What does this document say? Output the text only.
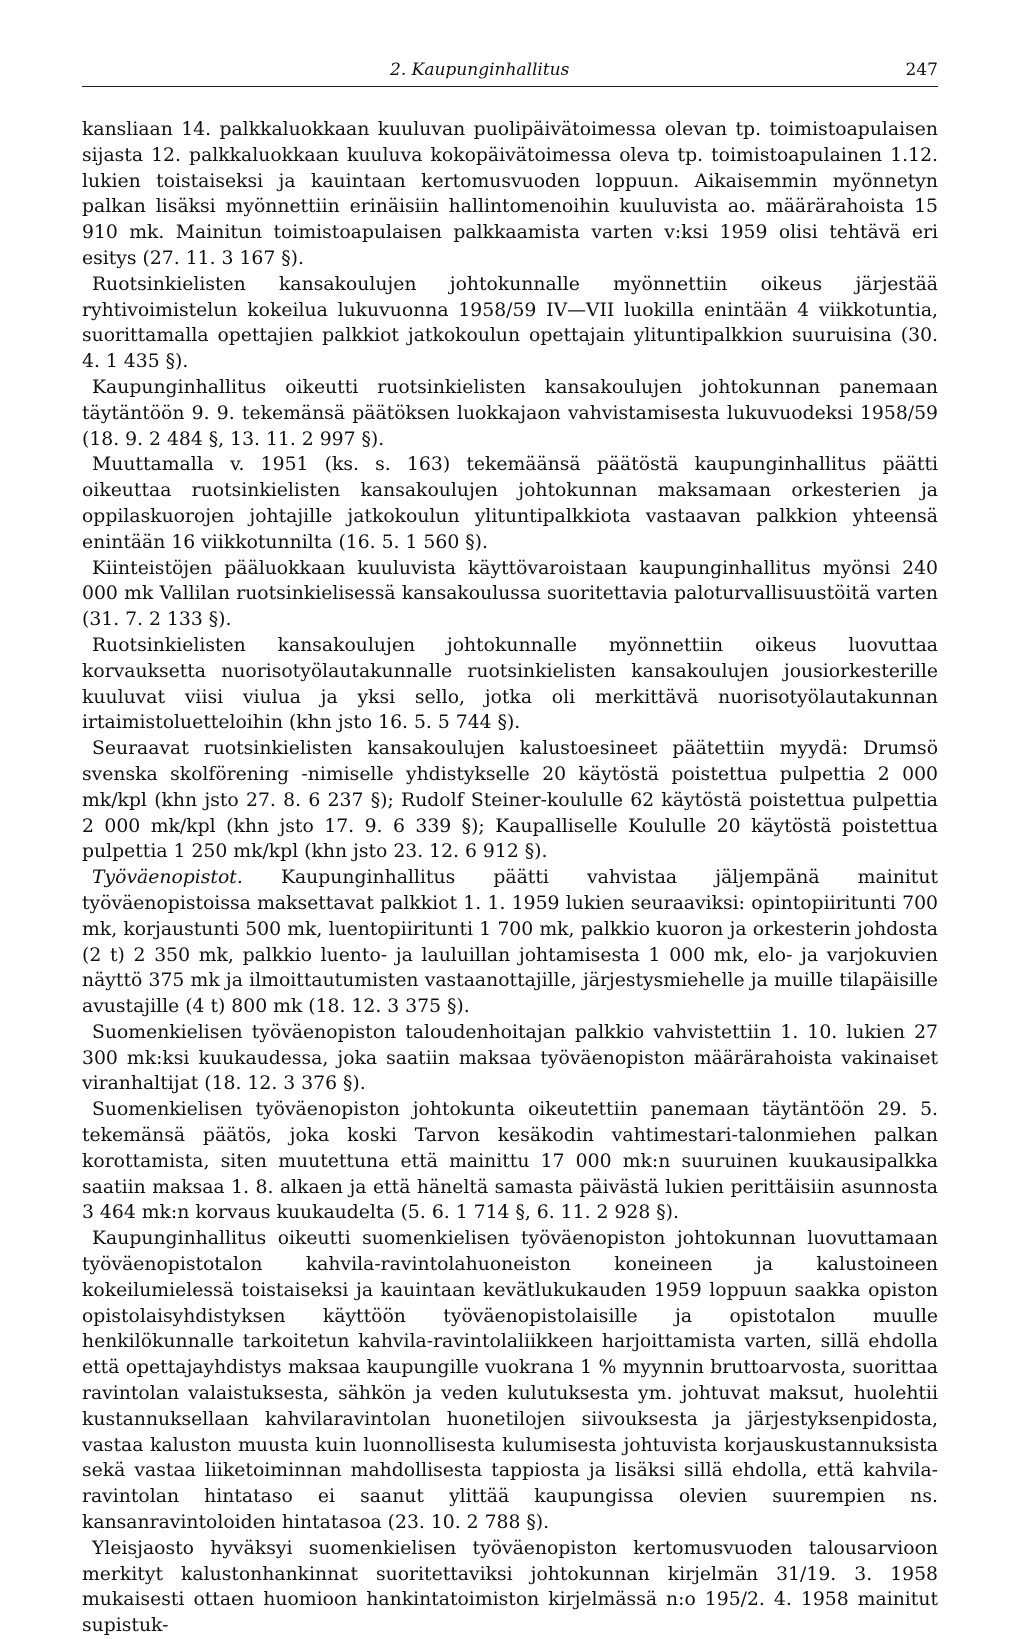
2. Kaupunginhallitus	247

kansliaan 14. palkkaluokkaan kuuluvan puolipäivätoimessa olevan tp. toimistoapulaisen sijasta 12. palkkaluokkaan kuuluva kokopäivätoimessa oleva tp. toimistoapulainen 1.12. lukien toistaiseksi ja kauintaan kertomusvuoden loppuun. Aikaisemmin myönnetyn palkan lisäksi myönnettiin erinäisiin hallintomenoihin kuuluvista ao. määrärahoista 15 910 mk. Mainitun toimistoapulaisen palkkaamista varten v:ksi 1959 olisi tehtävä eri esitys (27. 11. 3 167 §).

Ruotsinkielisten kansakoulujen johtokunnalle myönnettiin oikeus järjestää ryhtivoimistelun kokeilua lukuvuonna 1958/59 IV—VII luokilla enintään 4 viikkotuntia, suorittamalla opettajien palkkiot jatkokoulun opettajain ylituntipalkkion suuruisina (30. 4. 1 435 §).

Kaupunginhallitus oikeutti ruotsinkielisten kansakoulujen johtokunnan panemaan täytäntöön 9. 9. tekemänsä päätöksen luokkajaon vahvistamisesta lukuvuodeksi 1958/59 (18. 9. 2 484 §, 13. 11. 2 997 §).

Muuttamalla v. 1951 (ks. s. 163) tekemäänsä päätöstä kaupunginhallitus päätti oikeuttaa ruotsinkielisten kansakoulujen johtokunnan maksamaan orkesterien ja oppilaskuorojen johtajille jatkokoulun ylituntipalkkiota vastaavan palkkion yhteensä enintään 16 viikkotunnilta (16. 5. 1 560 §).

Kiinteistöjen pääluokkaan kuuluvista käyttövaroistaan kaupunginhallitus myönsi 240 000 mk Vallilan ruotsinkielisessä kansakoulussa suoritettavia paloturvallisuustöitä varten (31. 7. 2 133 §).

Ruotsinkielisten kansakoulujen johtokunnalle myönnettiin oikeus luovuttaa korvauksetta nuorisotyölautakunnalle ruotsinkielisten kansakoulujen jousiorkesterille kuuluvat viisi viulua ja yksi sello, jotka oli merkittävä nuorisotyölautakunnan irtaimistoluetteloihin (khn jsto 16. 5. 5 744 §).

Seuraavat ruotsinkielisten kansakoulujen kalustoesineet päätettiin myydä: Drumsö svenska skolförening -nimiselle yhdistykselle 20 käytöstä poistettua pulpettia 2 000 mk/kpl (khn jsto 27. 8. 6 237 §); Rudolf Steiner-koululle 62 käytöstä poistettua pulpettia 2 000 mk/kpl (khn jsto 17. 9. 6 339 §); Kaupalliselle Koululle 20 käytöstä poistettua pulpettia 1 250 mk/kpl (khn jsto 23. 12. 6 912 §).

Työväenopistot. Kaupunginhallitus päätti vahvistaa jäljempänä mainitut työväenopistoissa maksettavat palkkiot 1. 1. 1959 lukien seuraaviksi: opintopiiritunti 700 mk, korjaustunti 500 mk, luentopiiritunti 1 700 mk, palkkio kuoron ja orkesterin johdosta (2 t) 2 350 mk, palkkio luento- ja lauluillan johtamisesta 1 000 mk, elo- ja varjokuvien näyttö 375 mk ja ilmoittautumisten vastaanottajille, järjestysmiehelle ja muille tilapäisille avustajille (4 t) 800 mk (18. 12. 3 375 §).

Suomenkielisen työväenopiston taloudenhoitajan palkkio vahvistettiin 1. 10. lukien 27 300 mk:ksi kuukaudessa, joka saatiin maksaa työväenopiston määrärahoista vakinaiset viranhaltijat (18. 12. 3 376 §).

Suomenkielisen työväenopiston johtokunta oikeutettiin panemaan täytäntöön 29. 5. tekemänsä päätös, joka koski Tarvon kesäkodin vahtimestari-talonmiehen palkan korottamista, siten muutettuna että mainittu 17 000 mk:n suuruinen kuukausipalkka saatiin maksaa 1. 8. alkaen ja että häneltä samasta päivästä lukien perittäisiin asunnosta 3 464 mk:n korvaus kuukaudelta (5. 6. 1 714 §, 6. 11. 2 928 §).

Kaupunginhallitus oikeutti suomenkielisen työväenopiston johtokunnan luovuttamaan työväenopistotalon kahvila-ravintolahuoneiston koneineen ja kalustoineen kokeilumielessä toistaiseksi ja kauintaan kevätlukukauden 1959 loppuun saakka opiston opistolaisyhdistyksen käyttöön työväenopistolaisille ja opistotalon muulle henkilökunnalle tarkoitetun kahvila-ravintolaliikkeen harjoittamista varten, sillä ehdolla että opettajayhdistys maksaa kaupungille vuokrana 1 % myynnin bruttoarvosta, suorittaa ravintolan valaistuksesta, sähkön ja veden kulutuksesta ym. johtuvat maksut, huolehtii kustannuksellaan kahvilaravintolan huonetilojen siivouksesta ja järjestyksenpidosta, vastaa kaluston muusta kuin luonnollisesta kulumisesta johtuvista korjauskustannuksista sekä vastaa liiketoiminnan mahdollisesta tappiosta ja lisäksi sillä ehdolla, että kahvila-ravintolan hintataso ei saanut ylittää kaupungissa olevien suurempien ns. kansanravintoloiden hintatasoa (23. 10. 2 788 §).

Yleisjaosto hyväksyi suomenkielisen työväenopiston kertomusvuoden talousarvioon merkityt kalustonhankinnat suoritettaviksi johtokunnan kirjelmän 31/19. 3. 1958 mukaisesti ottaen huomioon hankintatoimiston kirjelmässä n:o 195/2. 4. 1958 mainitut supistuk-
